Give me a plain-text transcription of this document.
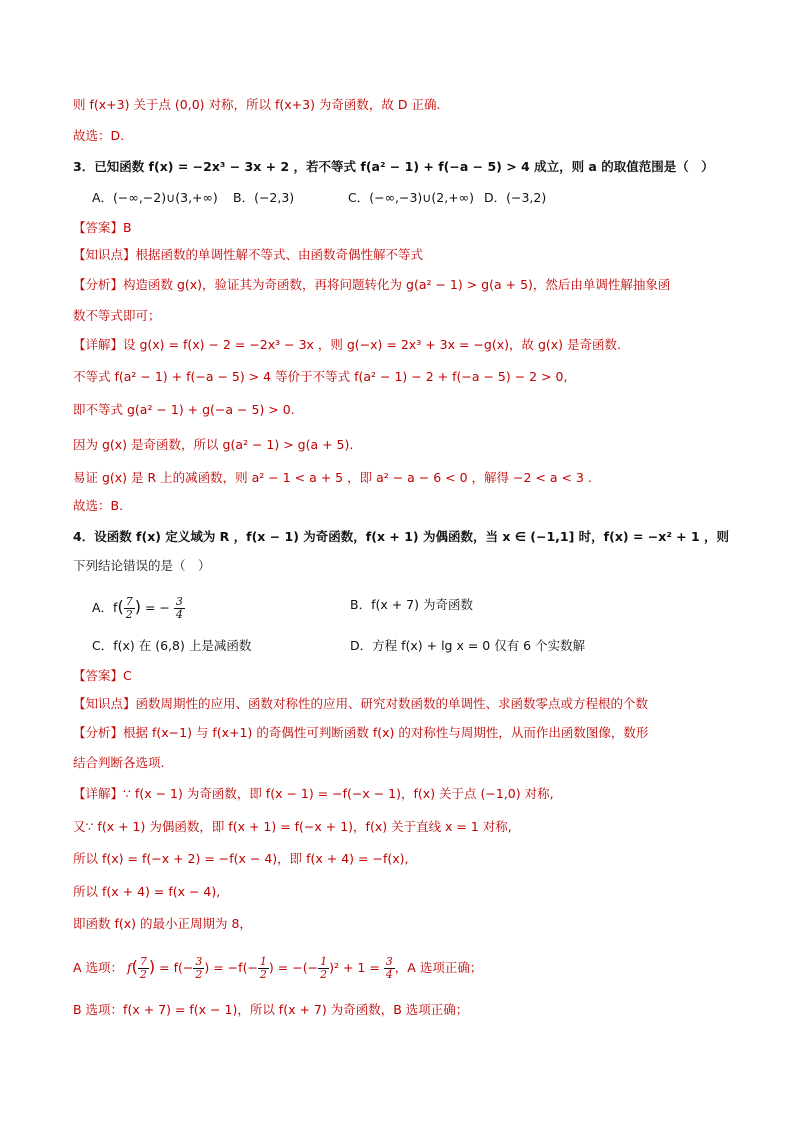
则 f(x+3) 关于点 (0,0) 对称，所以 f(x+3) 为奇函数，故 D 正确.
故选：D.
3．已知函数 f(x) = −2x³ − 3x + 2 ，若不等式 f(a² − 1) + f(−a − 5) > 4 成立，则 a 的取值范围是（　）
A．(−∞,−2)∪(3,+∞) B．(−2,3)	C．(−∞,−3)∪(2,+∞) D．(−3,2)
【答案】B
【知识点】根据函数的单调性解不等式、由函数奇偶性解不等式
【分析】构造函数 g(x)，验证其为奇函数，再将问题转化为 g(a² − 1) > g(a + 5)，然后由单调性解抽象函
数不等式即可；
【详解】设 g(x) = f(x) − 2 = −2x³ − 3x ，则 g(−x) = 2x³ + 3x = −g(x)，故 g(x) 是奇函数.
不等式 f(a² − 1) + f(−a − 5) > 4 等价于不等式 f(a² − 1) − 2 + f(−a − 5) − 2 > 0,
即不等式 g(a² − 1) + g(−a − 5) > 0.
因为 g(x) 是奇函数，所以 g(a² − 1) > g(a + 5).
易证 g(x) 是 R 上的减函数，则 a² − 1 < a + 5 ，即 a² − a − 6 < 0 ，解得 −2 < a < 3 .
故选：B.
4．设函数 f(x) 定义域为 R ，f(x − 1) 为奇函数，f(x + 1) 为偶函数，当 x ∈ (−1,1] 时，f(x) = −x² + 1 ，则
下列结论错误的是（　）
A．$f( \frac{7}{2}$ ) = − $\frac{3}{4}$	B．f(x + 7) 为奇函数
C．f(x) 在 (6,8) 上是减函数	D．方程 f(x) + lg x = 0 仅有 6 个实数解
【答案】C
【知识点】函数周期性的应用、函数对称性的应用、研究对数函数的单调性、求函数零点或方程根的个数
【分析】根据 f(x−1) 与 f(x+1) 的奇偶性可判断函数 f(x) 的对称性与周期性，从而作出函数图像，数形
结合判断各选项.
【详解】∵ f(x − 1) 为奇函数，即 f(x − 1) = −f(−x − 1)，f(x) 关于点 (−1,0) 对称,
又∵ f(x + 1) 为偶函数，即 f(x + 1) = f(−x + 1)，f(x) 关于直线 x = 1 对称,
所以 f(x) = f(−x + 2) = −f(x − 4)，即 f(x + 4) = −f(x),
所以 f(x + 4) = f(x − 4),
即函数 f(x) 的最小正周期为 8，
A 选项： $f( \frac{7}{2}$ ) = $f(- \frac{3}{2}$ ) = $-f(- \frac{1}{2}$ ) = −(− $\frac{1}{2} )^2 + 1 = \frac{3}{4}$ ，A 选项正确；
B 选项：f(x + 7) = f(x − 1)，所以 f(x + 7) 为奇函数，B 选项正确；
